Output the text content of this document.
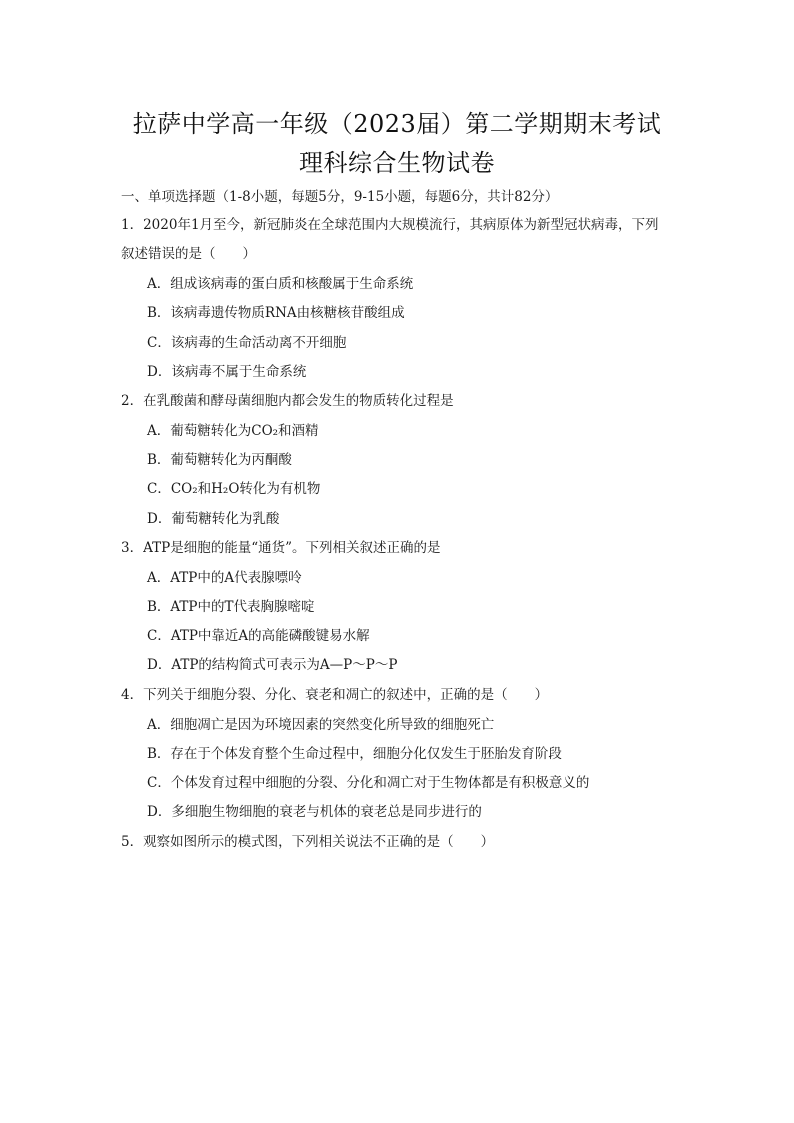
拉萨中学高一年级（2023届）第二学期期末考试
理科综合生物试卷
一、单项选择题（1-8小题，每题5分，9-15小题，每题6分，共计82分）
1．2020年1月至今，新冠肺炎在全球范围内大规模流行，其病原体为新型冠状病毒，下列
叙述错误的是（　　）
A．组成该病毒的蛋白质和核酸属于生命系统
B．该病毒遗传物质RNA由核糖核苷酸组成
C．该病毒的生命活动离不开细胞
D．该病毒不属于生命系统
2．在乳酸菌和酵母菌细胞内都会发生的物质转化过程是
A．葡萄糖转化为CO₂和酒精
B．葡萄糖转化为丙酮酸
C．CO₂和H₂O转化为有机物
D．葡萄糖转化为乳酸
3．ATP是细胞的能量“通货”。下列相关叙述正确的是
A．ATP中的A代表腺嘌呤
B．ATP中的T代表胸腺嘧啶
C．ATP中靠近A的高能磷酸键易水解
D．ATP的结构简式可表示为A—P～P～P
4．下列关于细胞分裂、分化、衰老和凋亡的叙述中，正确的是（　　）
A．细胞凋亡是因为环境因素的突然变化所导致的细胞死亡
B．存在于个体发育整个生命过程中，细胞分化仅发生于胚胎发育阶段
C．个体发育过程中细胞的分裂、分化和凋亡对于生物体都是有积极意义的
D．多细胞生物细胞的衰老与机体的衰老总是同步进行的
5．观察如图所示的模式图，下列相关说法不正确的是（　　）
